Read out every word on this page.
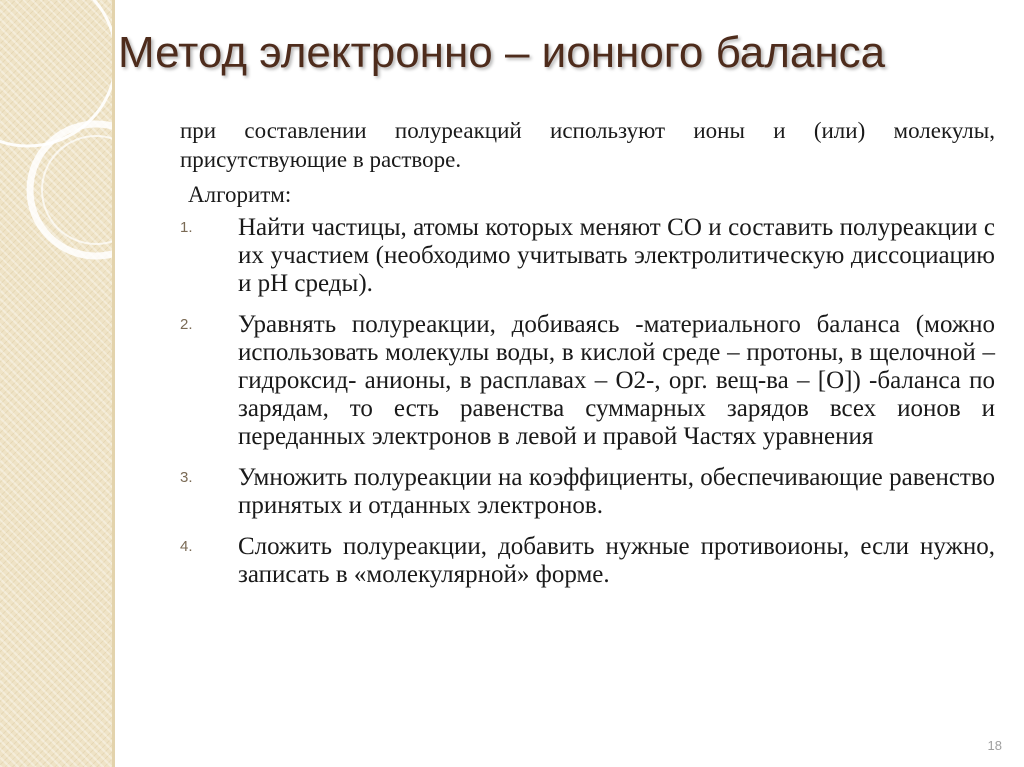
Метод электронно – ионного баланса

при составлении полуреакций используют ионы и (или) молекулы, присутствующие в растворе.

Алгоритм:

1. Найти частицы, атомы которых меняют СО и составить полуреакции с их участием (необходимо учитывать электролитическую диссоциацию и рН среды).
2. Уравнять полуреакции, добиваясь -материального баланса (можно использовать молекулы воды, в кислой среде – протоны, в щелочной – гидроксид- анионы, в расплавах – О2-, орг. вещ-ва – [O]) -баланса по зарядам, то есть равенства суммарных зарядов всех ионов и переданных электронов в левой и правой Частях уравнения
3. Умножить полуреакции на коэффициенты, обеспечивающие равенство принятых и отданных электронов.
4. Сложить полуреакции, добавить нужные противоионы, если нужно, записать в «молекулярной» форме.
18
